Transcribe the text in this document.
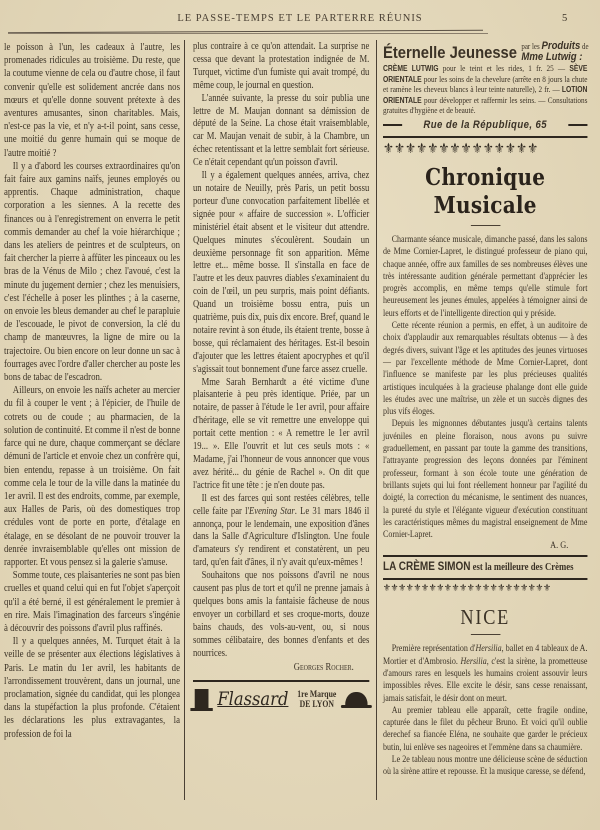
LE PASSE-TEMPS ET LE PARTERRE RÉUNIS	5

le poisson à l'un, les cadeaux à l'autre, les promenades ridicules au troisième. Du reste, que la coutume vienne de cela ou d'autre chose, il faut convenir qu'elle est solidement ancrée dans nos mœurs et qu'elle donne souvent prétexte à des aventures amusantes, sinon charitables. Mais, n'est-ce pas la vie, et n'y a-t-il point, sans cesse, une moitié du genre humain qui se moque de l'autre moitié ?

Il y a d'abord les courses extraordinaires qu'on fait faire aux gamins naïfs, jeunes employés ou apprentis. Chaque administration, chaque corporation a les siennes. A la recette des finances ou à l'enregistrement on enverra le petit commis demander au chef la voie hiérarchique ; dans les ateliers de peintres et de sculpteurs, on fait chercher la pierre à affûter les pinceaux ou les bras de la Vénus de Milo ; chez l'avoué, c'est la minute du jugement dernier ; chez les menuisiers, c'est l'échelle à poser les plinthes ; à la caserne, on envoie les bleus demander au chef le parapluie de l'escouade, le pivot de conversion, la clé du champ de manœuvres, la ligne de mire ou la trajectoire. Ou bien encore on leur donne un sac à fourrages avec l'ordre d'aller chercher au poste les bons de tabac de l'escadron.

Ailleurs, on envoie les naïfs acheter au mercier du fil à couper le vent ; à l'épicier, de l'huile de cotrets ou de coude ; au pharmacien, de la solution de continuité. Et comme il n'est de bonne farce qui ne dure, chaque commerçant se déclare démuni de l'article et envoie chez un confrère qui, bien entendu, repasse à un troisième. On fait comme cela le tour de la ville dans la matinée du 1er avril. Il est des endroits, comme, par exemple, aux Halles de Paris, où des domestiques trop crédules vont de porte en porte, d'étalage en étalage, en se désolant de ne pouvoir trouver la denrée invraisemblable qu'elles ont mission de rapporter. Et vous pensez si la galerie s'amuse.

Somme toute, ces plaisanteries ne sont pas bien cruelles et quand celui qui en fut l'objet s'aperçoit qu'il a été berné, il est généralement le premier à en rire. Mais l'imagination des farceurs s'ingénie à découvrir des poissons d'avril plus raffinés.

Il y a quelques années, M. Turquet était à la veille de se présenter aux élections législatives à Paris. Le matin du 1er avril, les habitants de l'arrondissement trouvèrent, dans un journal, une proclamation, signée du candidat, qui les plongea dans la stupéfaction la plus profonde. C'étaient les déclarations les plus extravagantes, la profession de foi la

plus contraire à ce qu'on attendait. La surprise ne cessa que devant la protestation indignée de M. Turquet, victime d'un fumiste qui avait trompé, du même coup, le journal en question.

L'année suivante, la presse du soir publia une lettre de M. Maujan donnant sa démission de député de la Seine. La chose était vraisemblable, car M. Maujan venait de subir, à la Chambre, un échec retentissant et la lettre semblait fort sérieuse. Ce n'était cependant qu'un poisson d'avril.

Il y a également quelques années, arriva, chez un notaire de Neuilly, près Paris, un petit bossu porteur d'une convocation parfaitement libellée et signée pour « affaire de succession ». L'officier ministériel était absent et le visiteur dut attendre. Quelques minutes s'écoulèrent. Soudain un deuxième personnage fit son apparition. Même lettre et... même bosse. Il s'installa en face de l'autre et les deux pauvres diables s'examinaient du coin de l'œil, un peu surpris, mais point défiants. Quand un troisième bossu entra, puis un quatrième, puis dix, puis dix encore. Bref, quand le notaire revint à son étude, ils étaient trente, bosse à bosse, qui réclamaient des héritages. Est-il besoin d'ajouter que les lettres étaient apocryphes et qu'il s'agissait tout bonnement d'une farce assez cruelle.

Mme Sarah Bernhardt a été victime d'une plaisanterie à peu près identique. Priée, par un notaire, de passer à l'étude le 1er avril, pour affaire d'héritage, elle se vit remettre une enveloppe qui portait cette mention : « A remettre le 1er avril 19... ». Elle l'ouvrit et lut ces seuls mots : « Madame, j'ai l'honneur de vous annoncer que vous avez hérité... du génie de Rachel ». On dit que l'actrice fit une tête : je n'en doute pas.

Il est des farces qui sont restées célèbres, telle celle faite par l'Evening Star. Le 31 mars 1846 il annonça, pour le lendemain, une exposition d'ânes dans la Salle d'Agriculture d'Islington. Une foule d'amateurs s'y rendirent et constatèrent, un peu tard, qu'en fait d'ânes, il n'y avait qu'eux-mêmes !

Souhaitons que nos poissons d'avril ne nous causent pas plus de tort et qu'il ne prenne jamais à quelques bons amis la fantaisie fâcheuse de nous envoyer un corbillard et ses croque-morts, douze bains chauds, des vols-au-vent, ou, si nous sommes célibataire, des bonnes d'enfants et des nourrices.

Georges Rocher.
Flassard 1re Marque
DE LYON
Éternelle Jeunesse par les Produits de
Mme Lutwig :
CRÈME LUTWIG pour le teint et les rides, 1 fr. 25 — SÈVE ORIENTALE pour les soins de la chevelure (arrête en 8 jours la chute et ramène les cheveux blancs à leur teinte naturelle), 2 fr. — LOTION ORIENTALE pour développer et raffermir les seins. — Consultations gratuites d'hygiène et de beauté.
Rue de la République, 65
⚜⚜⚜⚜⚜⚜⚜⚜⚜⚜⚜⚜⚜⚜
Chronique Musicale

Charmante séance musicale, dimanche passé, dans les salons de Mme Cornier-Lapret, le distingué professeur de piano qui, chaque année, offre aux familles de ses nombreuses élèves une très intéressante audition générale permettant d'apprécier les progrès accomplis, en même temps qu'elle stimule fort heureusement les jeunes émules, appelées à témoigner ainsi de leurs efforts et de l'intelligente direction qui y préside.

Cette récente réunion a permis, en effet, à un auditoire de choix d'applaudir aux remarquables résultats obtenus — à des degrés divers, suivant l'âge et les aptitudes des jeunes virtuoses — par l'excellente méthode de Mme Cornier-Lapret, dont l'influence se manifeste par les plus précieuses qualités artistiques inculquées à la gracieuse phalange dont elle guide les études avec une maîtrise, un zèle et un succès dignes des plus vifs éloges.

Depuis les mignonnes débutantes jusqu'à certains talents juvéniles en pleine floraison, nous avons pu suivre graduellement, en passant par toute la gamme des transitions, l'attrayante progression des leçons données par l'éminent professeur, formant à son école toute une génération de brillants sujets qui lui font réellement honneur par l'agilité du doigté, la correction du mécanisme, le sentiment des nuances, la pureté du style et l'élégante vigueur d'exécution constituant les caractéristiques mêmes du magistral enseignement de Mme Cornier-Lapret.

A. G.
LA CRÈME SIMON est la meilleure des Crèmes
⚜⚜⚜⚜⚜⚜⚜⚜⚜⚜⚜⚜⚜⚜⚜⚜⚜⚜⚜⚜⚜⚜
NICE

Première représentation d'Hersilia, ballet en 4 tableaux de A. Mortier et d'Ambrosio. Hersilia, c'est la sirène, la prometteuse d'amours rares en lesquels les humains croient assouvir leurs impossibles rêves. Elle excite le désir, sans cesse renaissant, jamais satisfait, le désir dont on meurt.

Au premier tableau elle apparaît, cette fragile ondine, capturée dans le filet du pêcheur Bruno. Et voici qu'il oublie derechef sa fiancée Eléna, ne souhaite que garder le précieux butin, lui enlève ses nageoires et l'emmène dans sa chaumière.

Le 2e tableau nous montre une délicieuse scène de séduction où la sirène attire et repousse. Et la musique caresse, se défend,
